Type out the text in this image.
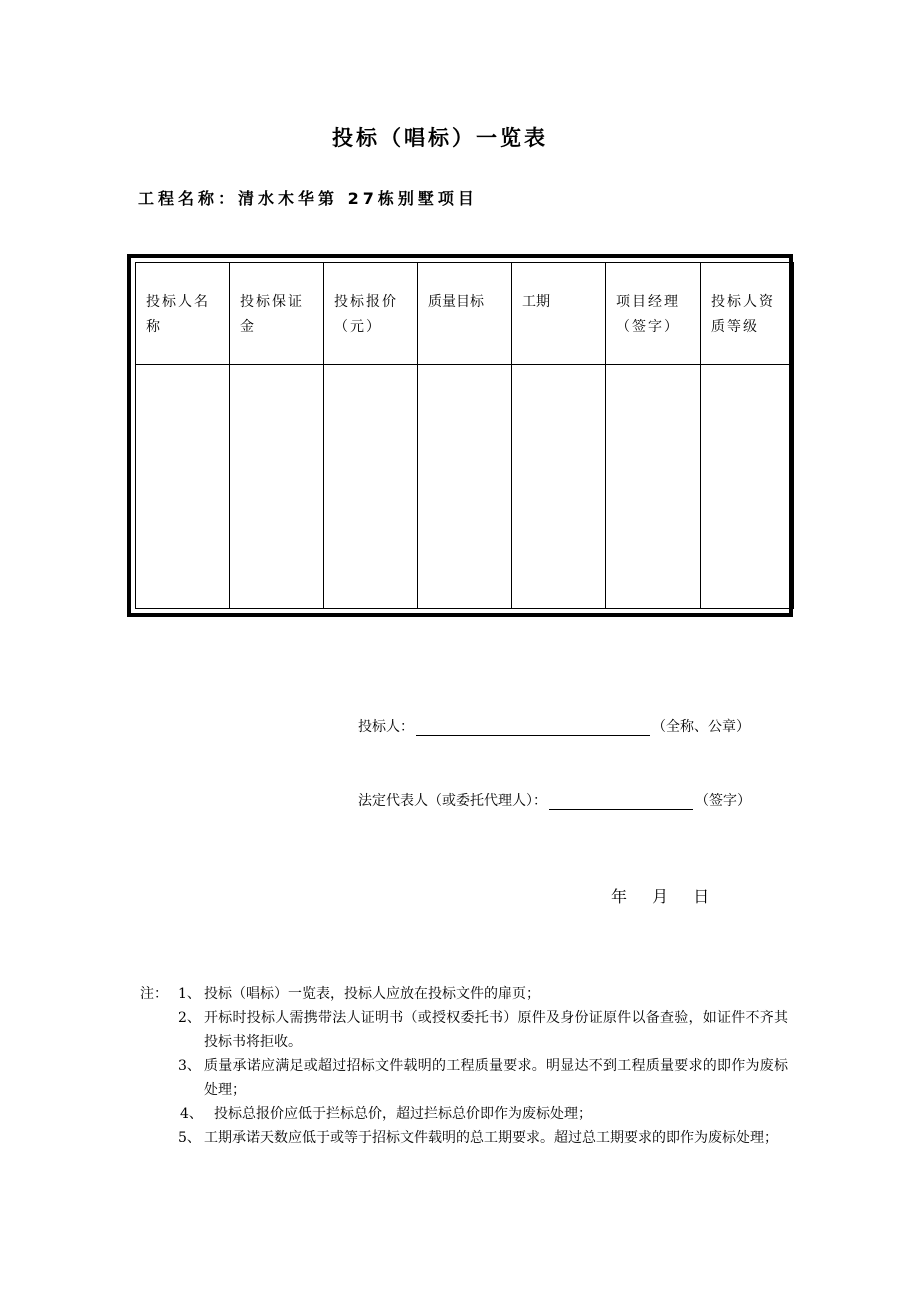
投标（唱标）一览表
工程名称：清水木华第 27栋别墅项目
投标人名称	投标保证金	投标报价（元）	质量目标	工期	项目经理（签字）	投标人资质等级

投标人：	（全称、公章）
法定代表人（或委托代理人）：	（签字）
年 月 日
注： 1、 投标（唱标）一览表，投标人应放在投标文件的扉页；
2、 开标时投标人需携带法人证明书（或授权委托书）原件及身份证原件以备查验，如证件不齐其投标书将拒收。
3、 质量承诺应满足或超过招标文件载明的工程质量要求。明显达不到工程质量要求的即作为废标处理；
4、 投标总报价应低于拦标总价，超过拦标总价即作为废标处理；
5、 工期承诺天数应低于或等于招标文件载明的总工期要求。超过总工期要求的即作为废标处理；
